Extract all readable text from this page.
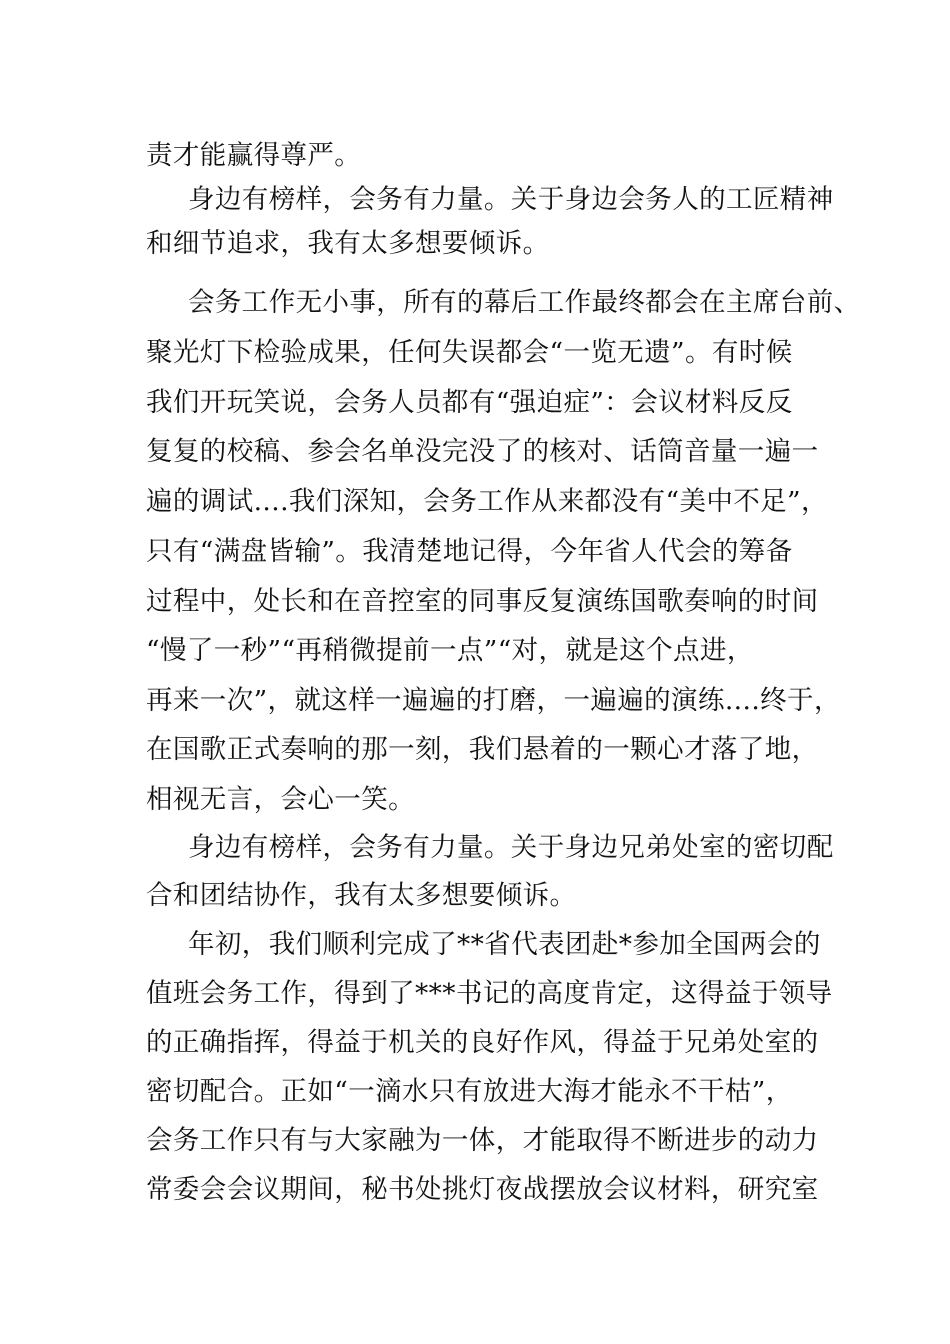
责才能赢得尊严。
身边有榜样，会务有力量。关于身边会务人的工匠精神
和细节追求，我有太多想要倾诉。
会务工作无小事，所有的幕后工作最终都会在主席台前、
聚光灯下检验成果，任何失误都会“一览无遗”。有时候
我们开玩笑说，会务人员都有“强迫症”：会议材料反反
复复的校稿、参会名单没完没了的核对、话筒音量一遍一
遍的调试....我们深知，会务工作从来都没有“美中不足”，
只有“满盘皆输”。我清楚地记得，今年省人代会的筹备
过程中，处长和在音控室的同事反复演练国歌奏响的时间
“慢了一秒”“再稍微提前一点”“对，就是这个点进，
再来一次”，就这样一遍遍的打磨，一遍遍的演练....终于，
在国歌正式奏响的那一刻，我们悬着的一颗心才落了地，
相视无言，会心一笑。
身边有榜样，会务有力量。关于身边兄弟处室的密切配
合和团结协作，我有太多想要倾诉。
年初，我们顺利完成了**省代表团赴*参加全国两会的
值班会务工作，得到了***书记的高度肯定，这得益于领导
的正确指挥，得益于机关的良好作风，得益于兄弟处室的
密切配合。正如“一滴水只有放进大海才能永不干枯”，
会务工作只有与大家融为一体，才能取得不断进步的动力
常委会会议期间，秘书处挑灯夜战摆放会议材料，研究室
